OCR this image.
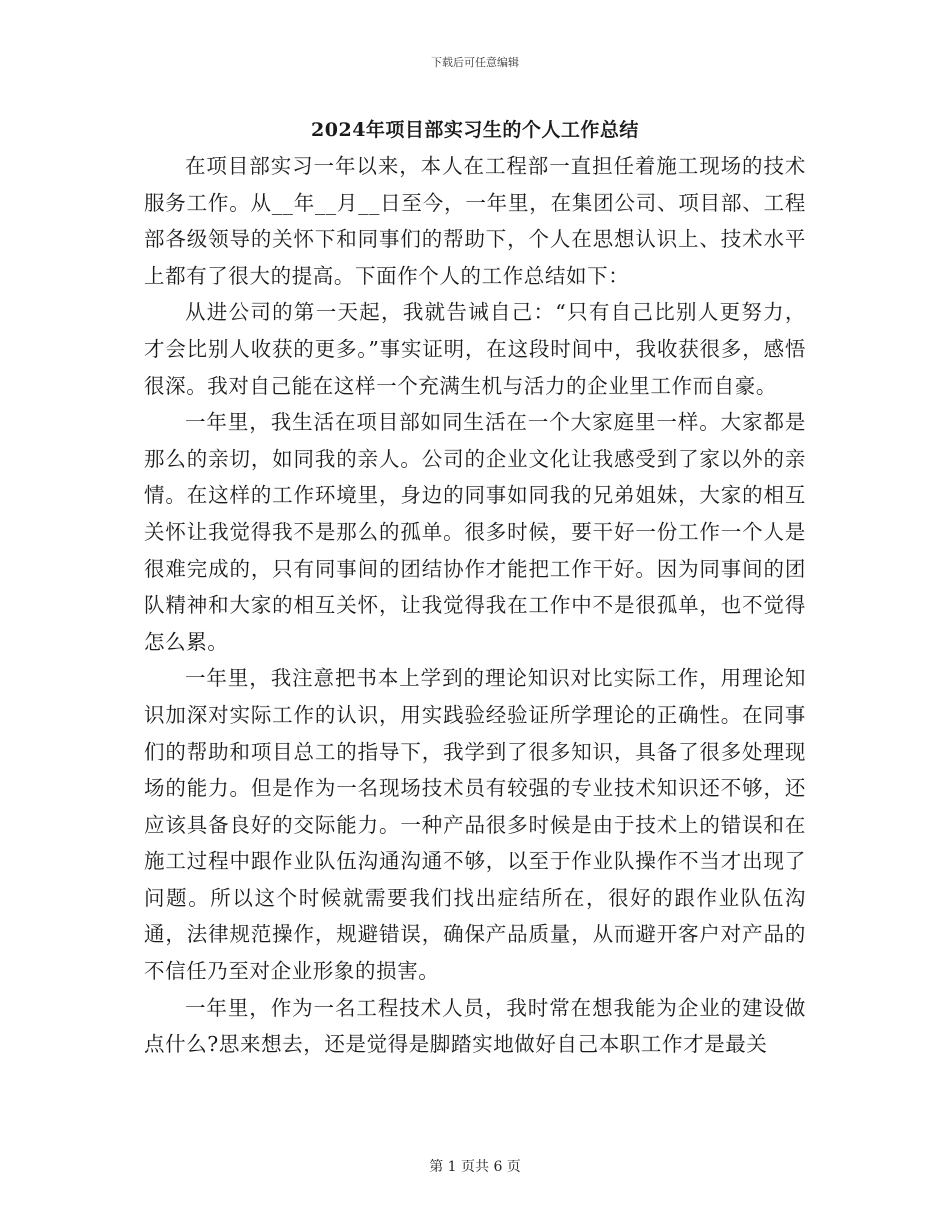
下载后可任意编辑
2024年项目部实习生的个人工作总结

在项目部实习一年以来，本人在工程部一直担任着施工现场的技术服务工作。从__年__月__日至今，一年里，在集团公司、项目部、工程部各级领导的关怀下和同事们的帮助下，个人在思想认识上、技术水平上都有了很大的提高。下面作个人的工作总结如下：

从进公司的第一天起，我就告诫自己：“只有自己比别人更努力，才会比别人收获的更多。”事实证明，在这段时间中，我收获很多，感悟很深。我对自己能在这样一个充满生机与活力的企业里工作而自豪。

一年里，我生活在项目部如同生活在一个大家庭里一样。大家都是那么的亲切，如同我的亲人。公司的企业文化让我感受到了家以外的亲情。在这样的工作环境里，身边的同事如同我的兄弟姐妹，大家的相互关怀让我觉得我不是那么的孤单。很多时候，要干好一份工作一个人是很难完成的，只有同事间的团结协作才能把工作干好。因为同事间的团队精神和大家的相互关怀，让我觉得我在工作中不是很孤单，也不觉得怎么累。

一年里，我注意把书本上学到的理论知识对比实际工作，用理论知识加深对实际工作的认识，用实践验经验证所学理论的正确性。在同事们的帮助和项目总工的指导下，我学到了很多知识，具备了很多处理现场的能力。但是作为一名现场技术员有较强的专业技术知识还不够，还应该具备良好的交际能力。一种产品很多时候是由于技术上的错误和在施工过程中跟作业队伍沟通沟通不够，以至于作业队操作不当才出现了问题。所以这个时候就需要我们找出症结所在，很好的跟作业队伍沟通，法律规范操作，规避错误，确保产品质量，从而避开客户对产品的不信任乃至对企业形象的损害。

一年里，作为一名工程技术人员，我时常在想我能为企业的建设做点什么?思来想去，还是觉得是脚踏实地做好自己本职工作才是最关

第 1 页共 6 页
